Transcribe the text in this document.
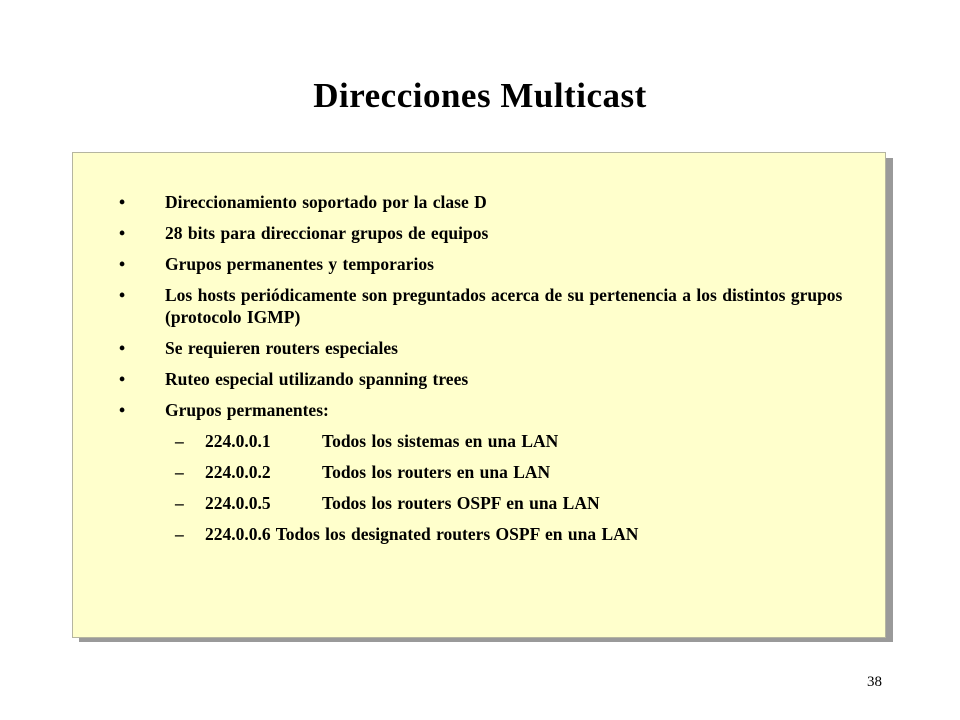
Direcciones Multicast
• Direccionamiento soportado por la clase D
• 28 bits para direccionar grupos de equipos
• Grupos permanentes y temporarios
• Los hosts periódicamente son preguntados acerca de su pertenencia a los distintos grupos (protocolo IGMP)
• Se requieren routers especiales
• Ruteo especial utilizando spanning trees
• Grupos permanentes:
– 224.0.0.1	Todos los sistemas en una LAN
– 224.0.0.2	Todos los routers en una LAN
– 224.0.0.5	Todos los routers OSPF en una LAN
– 224.0.0.6 Todos los designated routers OSPF en una LAN
38
